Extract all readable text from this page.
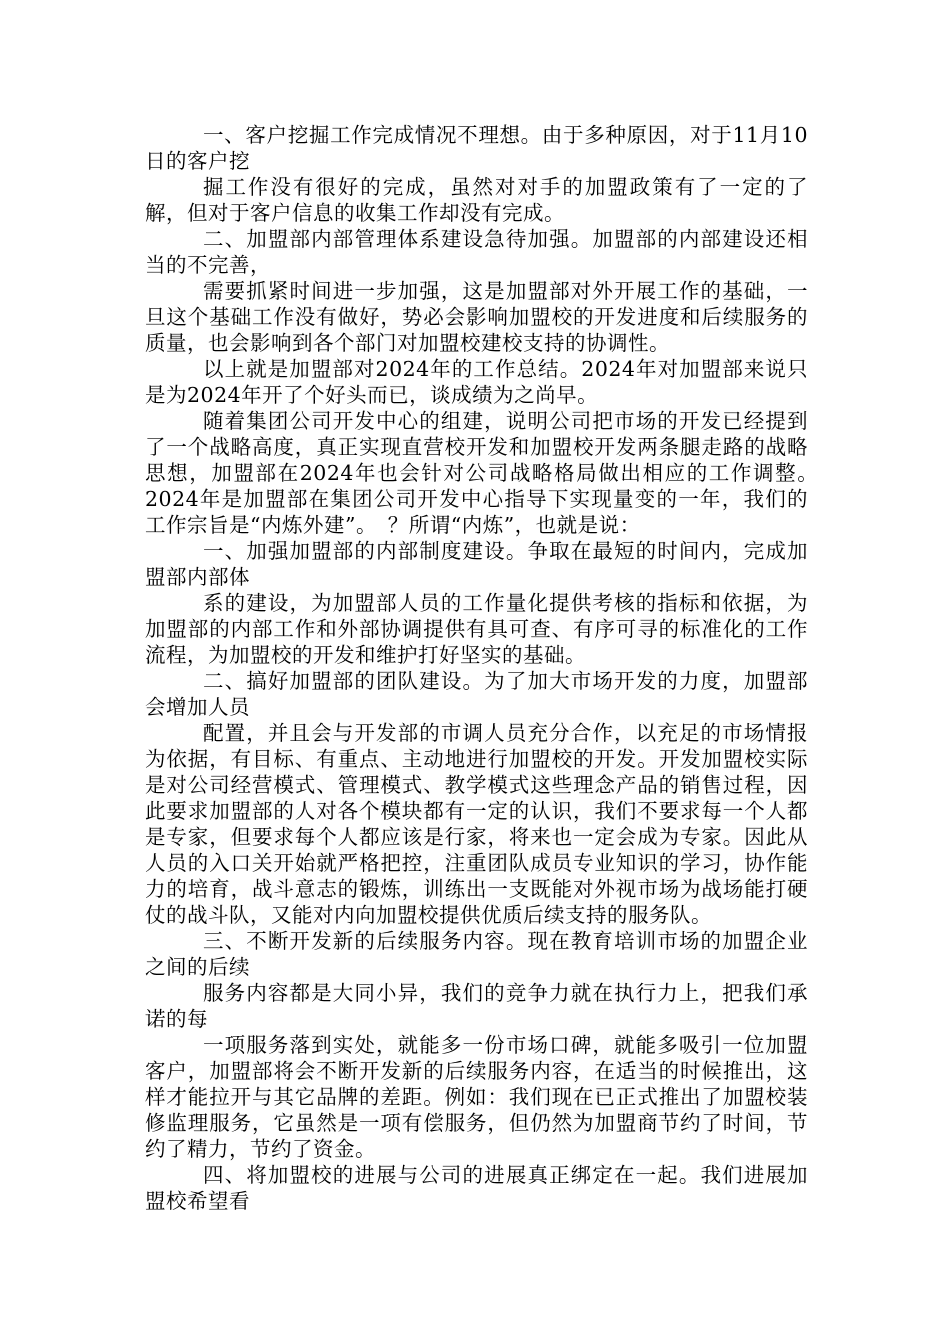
一、客户挖掘工作完成情况不理想。由于多种原因，对于11月10日的客户挖

掘工作没有很好的完成，虽然对对手的加盟政策有了一定的了解，但对于客户信息的收集工作却没有完成。

二、加盟部内部管理体系建设急待加强。加盟部的内部建设还相当的不完善，

需要抓紧时间进一步加强，这是加盟部对外开展工作的基础，一旦这个基础工作没有做好，势必会影响加盟校的开发进度和后续服务的质量，也会影响到各个部门对加盟校建校支持的协调性。

以上就是加盟部对2024年的工作总结。2024年对加盟部来说只是为2024年开了个好头而已，谈成绩为之尚早。

随着集团公司开发中心的组建，说明公司把市场的开发已经提到了一个战略高度，真正实现直营校开发和加盟校开发两条腿走路的战略思想，加盟部在2024年也会针对公司战略格局做出相应的工作调整。　2024年是加盟部在集团公司开发中心指导下实现量变的一年，我们的工作宗旨是“内炼外建”。　？所谓“内炼”，也就是说：

一、加强加盟部的内部制度建设。争取在最短的时间内，完成加盟部内部体

系的建设，为加盟部人员的工作量化提供考核的指标和依据，为加盟部的内部工作和外部协调提供有具可查、有序可寻的标准化的工作流程，为加盟校的开发和维护打好坚实的基础。

二、搞好加盟部的团队建设。为了加大市场开发的力度，加盟部会增加人员

配置，并且会与开发部的市调人员充分合作，以充足的市场情报为依据，有目标、有重点、主动地进行加盟校的开发。开发加盟校实际是对公司经营模式、管理模式、教学模式这些理念产品的销售过程，因此要求加盟部的人对各个模块都有一定的认识，我们不要求每一个人都是专家，但要求每个人都应该是行家，将来也一定会成为专家。因此从人员的入口关开始就严格把控，注重团队成员专业知识的学习，协作能力的培育，战斗意志的锻炼，训练出一支既能对外视市场为战场能打硬仗的战斗队，又能对内向加盟校提供优质后续支持的服务队。

三、不断开发新的后续服务内容。现在教育培训市场的加盟企业之间的后续

服务内容都是大同小异，我们的竞争力就在执行力上，把我们承诺的每

一项服务落到实处，就能多一份市场口碑，就能多吸引一位加盟客户，加盟部将会不断开发新的后续服务内容，在适当的时候推出，这样才能拉开与其它品牌的差距。例如：我们现在已正式推出了加盟校装修监理服务，它虽然是一项有偿服务，但仍然为加盟商节约了时间，节约了精力，节约了资金。

四、将加盟校的进展与公司的进展真正绑定在一起。我们进展加盟校希望看
